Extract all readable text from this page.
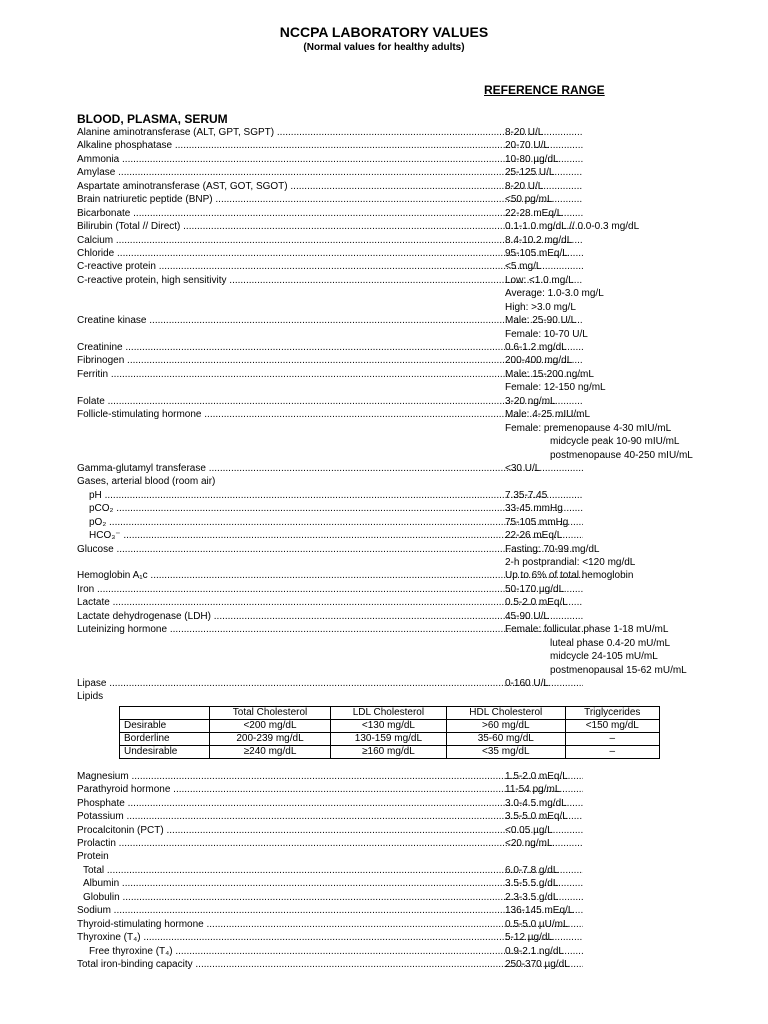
NCCPA LABORATORY VALUES
(Normal values for healthy adults)
REFERENCE RANGE
BLOOD, PLASMA, SERUM
Alanine aminotransferase (ALT, GPT, SGPT) .....	8-20 U/L
Alkaline phosphatase .....	20-70 U/L
Ammonia .....	10-80 µg/dL
Amylase .....	25-125 U/L
Aspartate aminotransferase (AST, GOT, SGOT) .....	8-20 U/L
Brain natriuretic peptide (BNP) .....	<50 pg/mL
Bicarbonate .....	22-28 mEq/L
Bilirubin (Total // Direct) .....	0.1-1.0 mg/dL // 0.0-0.3 mg/dL
Calcium .....	8.4-10.2 mg/dL
Chloride .....	95-105 mEq/L
C-reactive protein .....	<5 mg/L
C-reactive protein, high sensitivity .....	Low: <1.0 mg/L
Average: 1.0-3.0 mg/L
High: >3.0 mg/L
Creatine kinase .....	Male: 25-90 U/L
Female: 10-70 U/L
Creatinine .....	0.6-1.2 mg/dL
Fibrinogen .....	200-400 mg/dL
Ferritin .....	Male: 15-200 ng/mL
Female: 12-150 ng/mL
Folate .....	3-20 ng/mL
Follicle-stimulating hormone .....	Male: 4-25 mIU/mL
Female: premenopause 4-30 mIU/mL
midcycle peak 10-90 mIU/mL
postmenopause 40-250 mIU/mL
Gamma-glutamyl transferase .....	<30 U/L
Gases, arterial blood (room air)
pH .....	7.35-7.45
pCO₂ .....	33-45 mmHg
pO₂ .....	75-105 mmHg
HCO₃⁻ .....	22-26 mEq/L
Glucose .....	Fasting: 70-99 mg/dL
2-h postprandial: <120 mg/dL
Hemoglobin A₁c .....	Up to 6% of total hemoglobin
Iron .....	50-170 µg/dL
Lactate .....	0.5-2.0 mEq/L
Lactate dehydrogenase (LDH) .....	45-90 U/L
Luteinizing hormone .....	Female: follicular phase 1-18 mU/mL
luteal phase 0.4-20 mU/mL
midcycle 24-105 mU/mL
postmenopausal 15-62 mU/mL
Lipase .....	0-160 U/L
Lipids
	Total Cholesterol	LDL Cholesterol	HDL Cholesterol	Triglycerides
Desirable	<200 mg/dL	<130 mg/dL	>60 mg/dL	<150 mg/dL
Borderline	200-239 mg/dL	130-159 mg/dL	35-60 mg/dL	–
Undesirable	≥240 mg/dL	≥160 mg/dL	<35 mg/dL	–
Magnesium .....	1.5-2.0 mEq/L
Parathyroid hormone .....	11-54 pg/mL
Phosphate .....	3.0-4.5 mg/dL
Potassium .....	3.5-5.0 mEq/L
Procalcitonin (PCT) .....	<0.05 µg/L
Prolactin .....	<20 ng/mL
Protein
Total .....	6.0-7.8 g/dL
Albumin .....	3.5-5.5 g/dL
Globulin .....	2.3-3.5 g/dL
Sodium .....	136-145 mEq/L
Thyroid-stimulating hormone .....	0.5-5.0 µU/mL
Thyroxine (T₄) .....	5-12 µg/dL
Free thyroxine (T₄) .....	0.9-2.1 ng/dL
Total iron-binding capacity .....	250-370 µg/dL
